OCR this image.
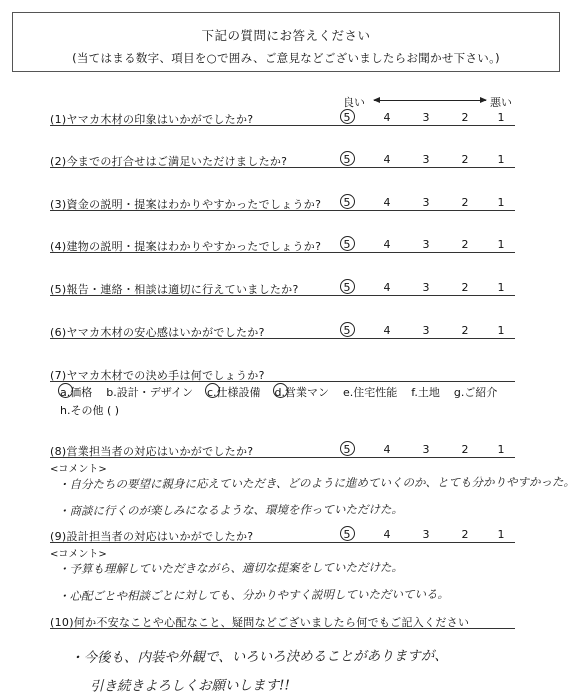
下記の質問にお答えください
(当てはまる数字、項目を○で囲み、ご意見などございましたらお聞かせ下さい。)
良い	悪い
(1)ヤマカ木材の印象はいかがでしたか?	5	4	3	2	1
(2)今までの打合せはご満足いただけましたか?	5	4	3	2	1
(3)資金の説明・提案はわかりやすかったでしょうか?	5	4	3	2	1
(4)建物の説明・提案はわかりやすかったでしょうか?	5	4	3	2	1
(5)報告・連絡・相談は適切に行えていましたか?	5	4	3	2	1
(6)ヤマカ木材の安心感はいかがでしたか?	5	4	3	2	1
(7)ヤマカ木材での決め手は何でしょうか?
a.価格 b.設計・デザイン c.仕様設備 d.営業マン e.住宅性能 f.土地 g.ご紹介
h.その他 ( )
(8)営業担当者の対応はいかがでしたか?	5	4	3	2	1
<コメント>
・自分たちの要望に親身に応えていただき、どのように進めていくのか、とても分かりやすかった。
・商談に行くのが楽しみになるような、環境を作っていただけた。
(9)設計担当者の対応はいかがでしたか?	5	4	3	2	1
<コメント>
・予算も理解していただきながら、適切な提案をしていただけた。
・心配ごとや相談ごとに対しても、分かりやすく説明していただいている。
(10)何か不安なことや心配なこと、疑問などございましたら何でもご記入ください
・今後も、内装や外観で、いろいろ決めることがありますが、
引き続きよろしくお願いします!!
